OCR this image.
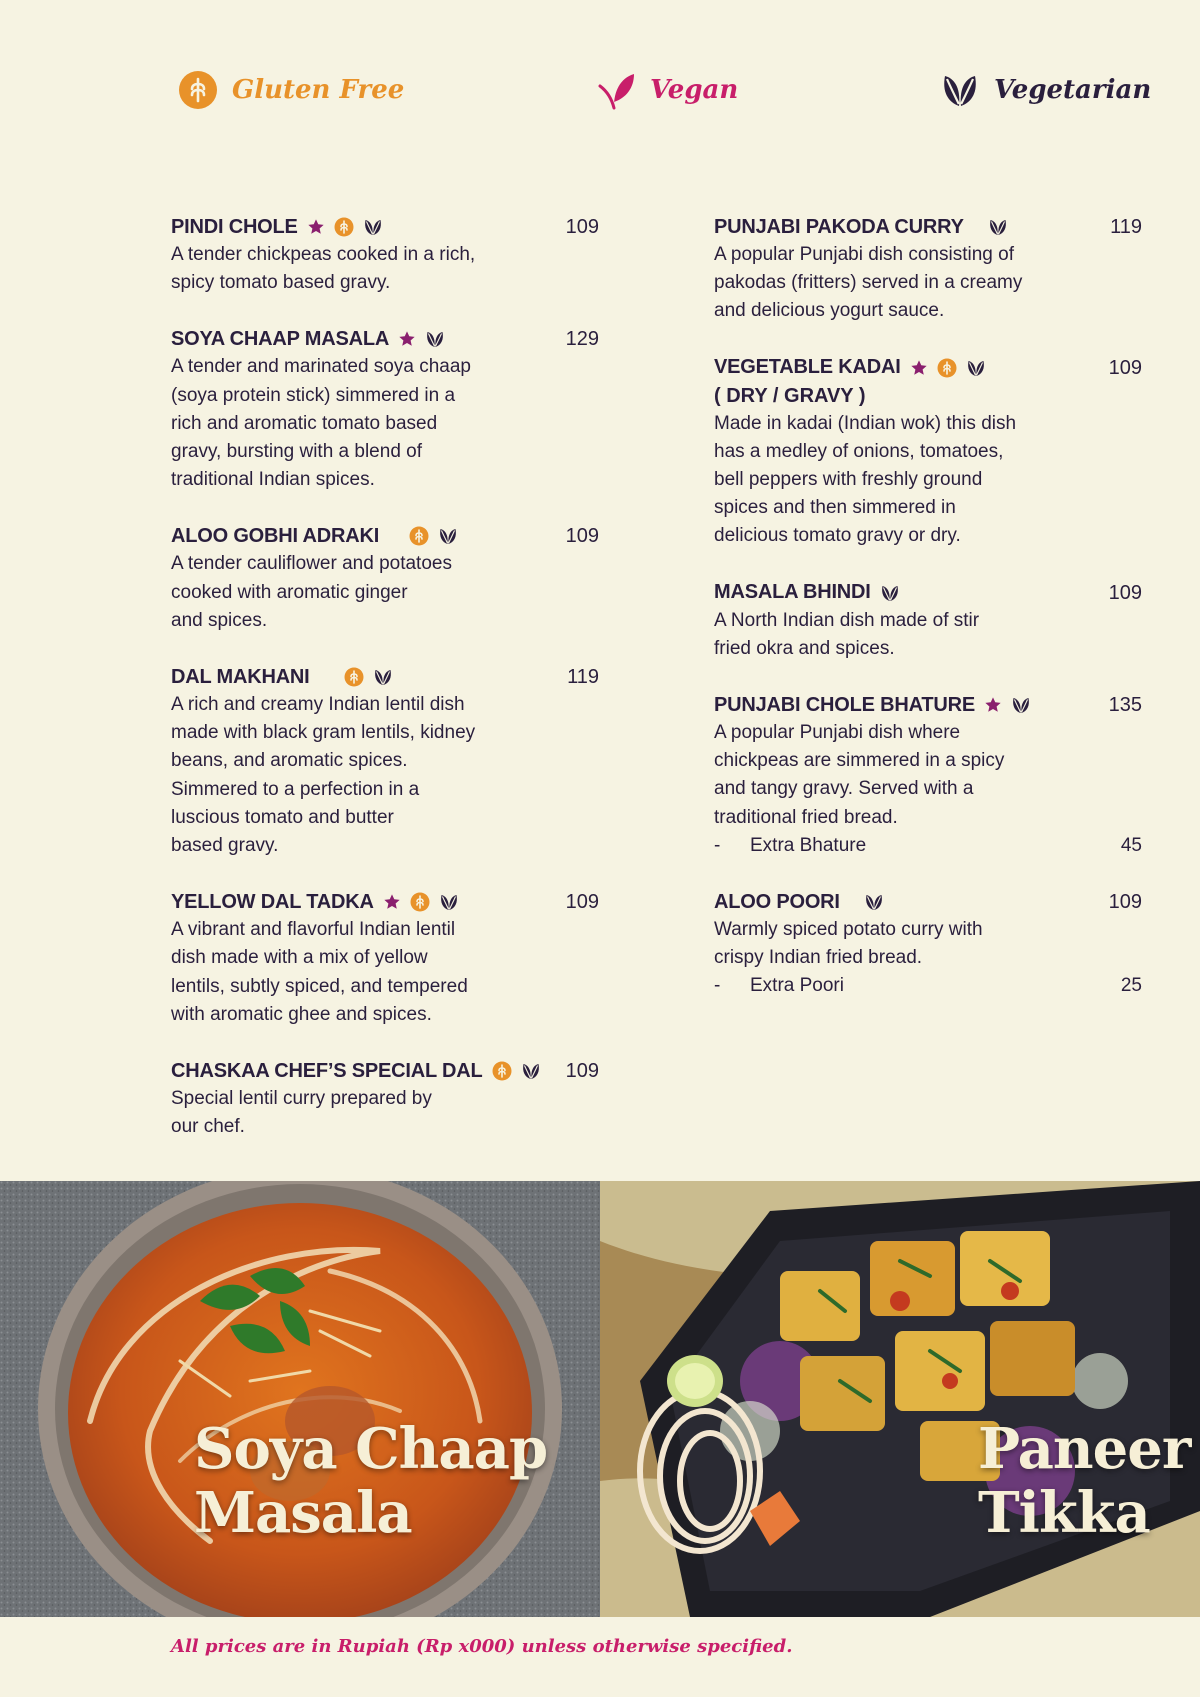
Gluten Free	Vegan	Vegetarian
PINDI CHOLE	109
A tender chickpeas cooked in a rich,
spicy tomato based gravy.
SOYA CHAAP MASALA	129
A tender and marinated soya chaap
(soya protein stick) simmered in a
rich and aromatic tomato based
gravy, bursting with a blend of
traditional Indian spices.
ALOO GOBHI ADRAKI	109
A tender cauliflower and potatoes
cooked with aromatic ginger
and spices.
DAL MAKHANI	119
A rich and creamy Indian lentil dish
made with black gram lentils, kidney
beans, and aromatic spices.
Simmered to a perfection in a
luscious tomato and butter
based gravy.
YELLOW DAL TADKA	109
A vibrant and flavorful Indian lentil
dish made with a mix of yellow
lentils, subtly spiced, and tempered
with aromatic ghee and spices.
CHASKAA CHEF’S SPECIAL DAL	109
Special lentil curry prepared by
our chef.
PUNJABI PAKODA CURRY	119
A popular Punjabi dish consisting of
pakodas (fritters) served in a creamy
and delicious yogurt sauce.
VEGETABLE KADAI	109
( DRY / GRAVY )
Made in kadai (Indian wok) this dish
has a medley of onions, tomatoes,
bell peppers with freshly ground
spices and then simmered in
delicious tomato gravy or dry.
MASALA BHINDI	109
A North Indian dish made of stir
fried okra and spices.
PUNJABI CHOLE BHATURE	135
A popular Punjabi dish where
chickpeas are simmered in a spicy
and tangy gravy. Served with a
traditional fried bread.
- Extra Bhature	45
ALOO POORI	109
Warmly spiced potato curry with
crispy Indian fried bread.
- Extra Poori	25
Soya Chaap
Masala
Paneer
Tikka
All prices are in Rupiah (Rp x000) unless otherwise specified.
